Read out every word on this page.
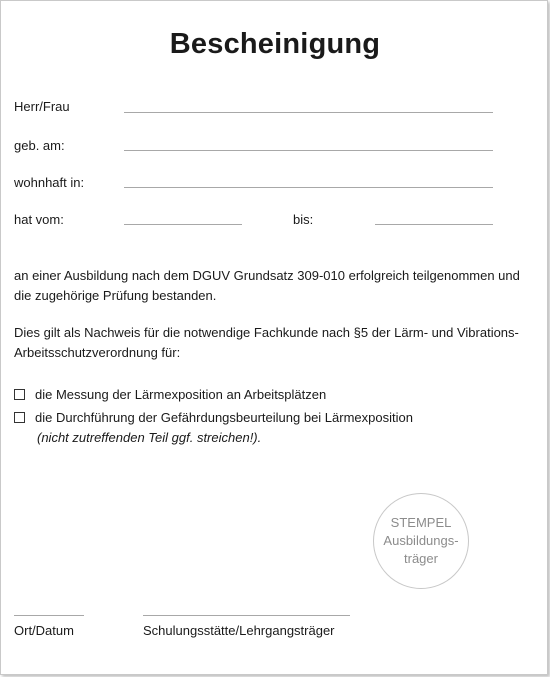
Bescheinigung
Herr/Frau
geb. am:
wohnhaft in:
hat vom:	bis:
an einer Ausbildung nach dem DGUV Grundsatz 309-010 erfolgreich teilgenommen und die zugehörige Prüfung bestanden.
Dies gilt als Nachweis für die notwendige Fachkunde nach §5 der Lärm- und Vibrations-Arbeitsschutzverordnung für:
die Messung der Lärmexposition an Arbeitsplätzen
die Durchführung der Gefährdungsbeurteilung bei Lärmexposition
(nicht zutreffenden Teil ggf. streichen!).
STEMPEL
Ausbildungs-
träger
Ort/Datum	Schulungsstätte/Lehrgangsträger
